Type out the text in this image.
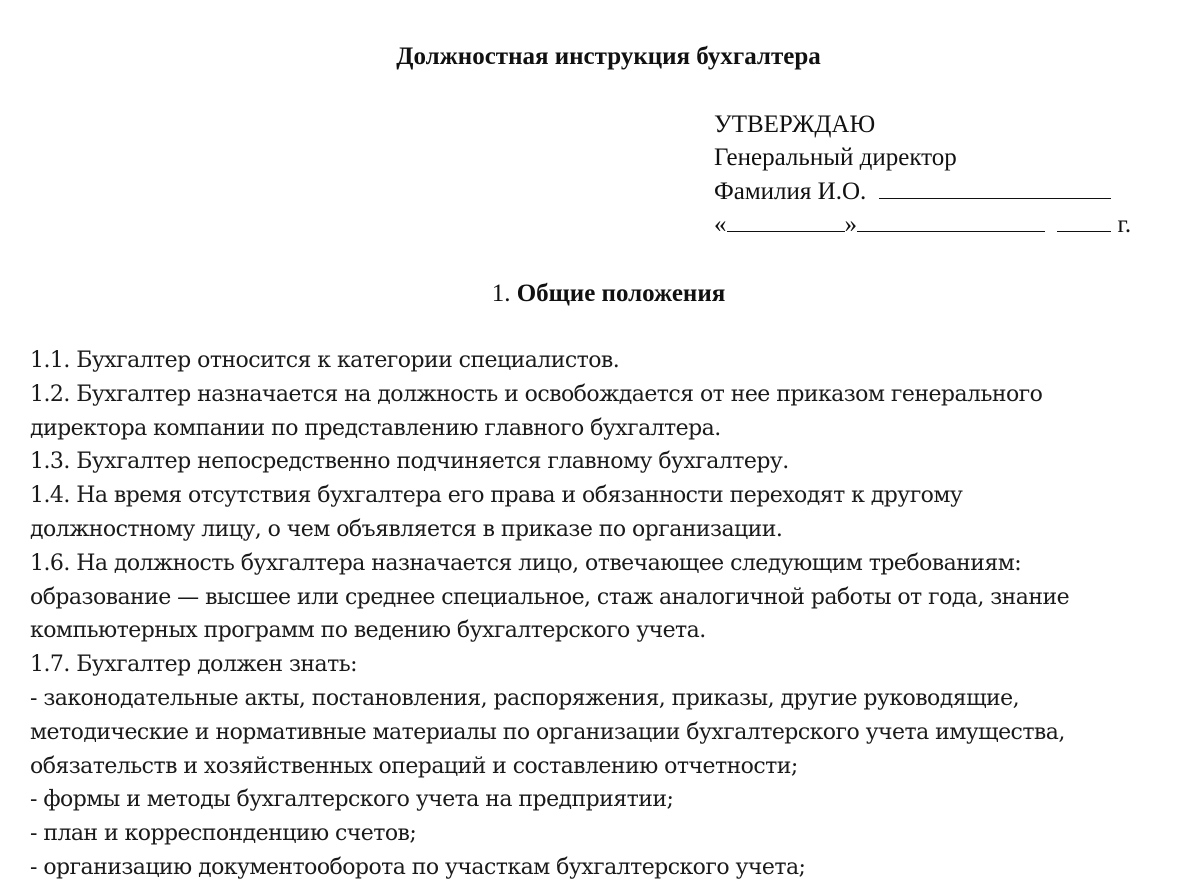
Должностная инструкция бухгалтера
УТВЕРЖДАЮ
Генеральный директор
Фамилия И.О.
«	»	г.
1. Общие положения
1.1. Бухгалтер относится к категории специалистов.
1.2. Бухгалтер назначается на должность и освобождается от нее приказом генерального
директора компании по представлению главного бухгалтера.
1.3. Бухгалтер непосредственно подчиняется главному бухгалтеру.
1.4. На время отсутствия бухгалтера его права и обязанности переходят к другому
должностному лицу, о чем объявляется в приказе по организации.
1.6. На должность бухгалтера назначается лицо, отвечающее следующим требованиям:
образование — высшее или среднее специальное, стаж аналогичной работы от года, знание
компьютерных программ по ведению бухгалтерского учета.
1.7. Бухгалтер должен знать:
- законодательные акты, постановления, распоряжения, приказы, другие руководящие,
методические и нормативные материалы по организации бухгалтерского учета имущества,
обязательств и хозяйственных операций и составлению отчетности;
- формы и методы бухгалтерского учета на предприятии;
- план и корреспонденцию счетов;
- организацию документооборота по участкам бухгалтерского учета;
